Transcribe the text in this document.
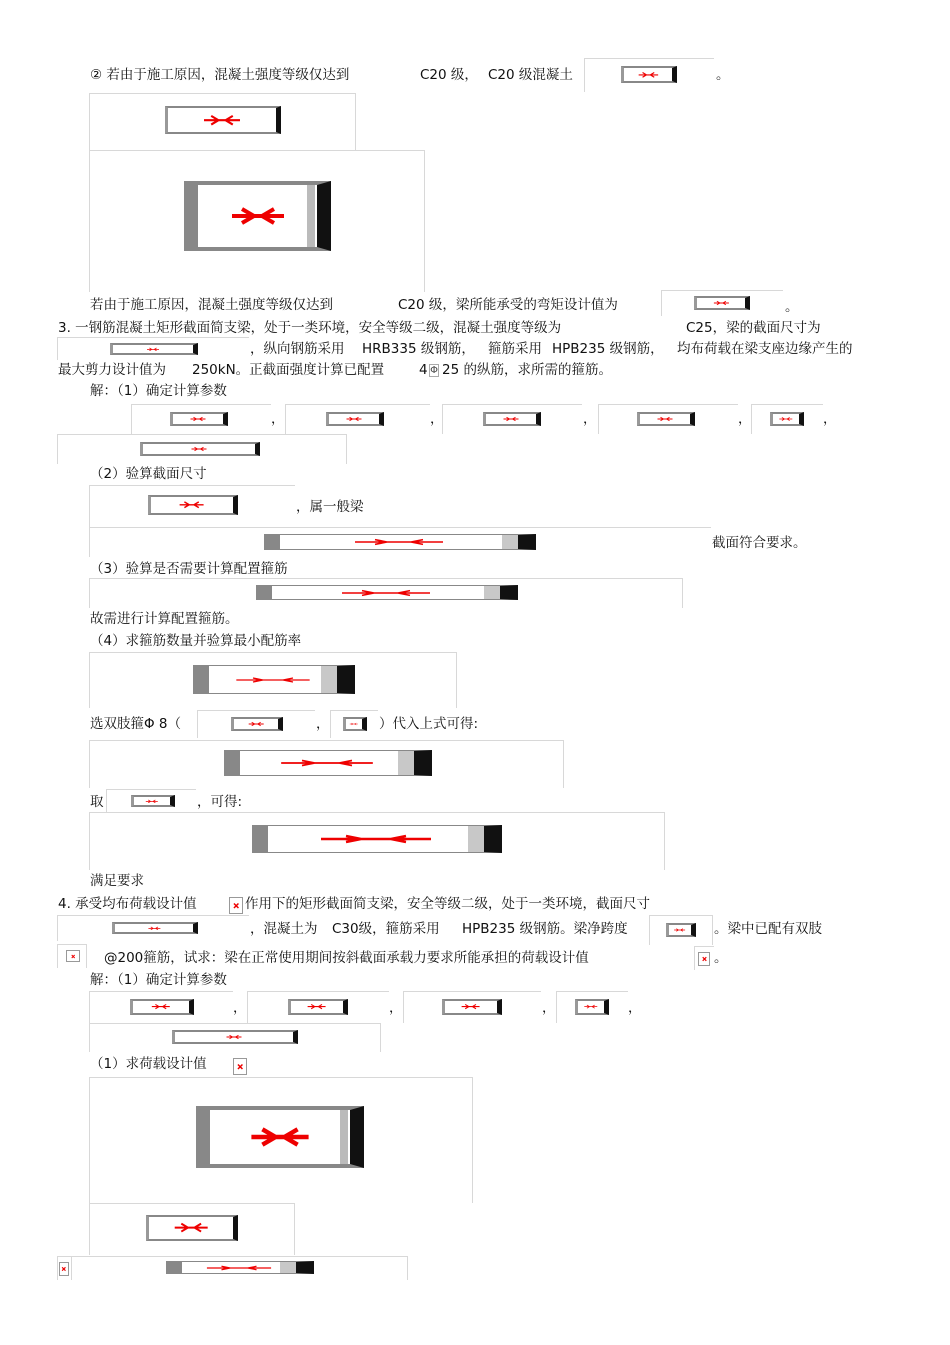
② 若由于施工原因，混凝土强度等级仅达到	C20 级， C20 级混凝土	。
若由于施工原因，混凝土强度等级仅达到	C20 级，梁所能承受的弯矩设计值为	。
3. 一钢筋混凝土矩形截面简支梁，处于一类环境，安全等级二级，混凝土强度等级为	C25，梁的截面尺寸为
，纵向钢筋采用 HRB335 级钢筋， 箍筋采用 HPB235 级钢筋， 均布荷载在梁支座边缘产生的
最大剪力设计值为 250kN。正截面强度计算已配置	4 Φ 25 的纵筋，求所需的箍筋。
解：（1）确定计算参数
，	，	，	，	，
（2）验算截面尺寸
，属一般梁
截面符合要求。
（3）验算是否需要计算配置箍筋
故需进行计算配置箍筋。
（4）求箍筋数量并验算最小配筋率
选双肢箍Φ 8（	，	）代入上式可得:
取	，可得:
满足要求
4. 承受均布荷载设计值	作用下的矩形截面简支梁，安全等级二级，处于一类环境，截面尺寸
，混凝土为 C30级，箍筋采用 HPB235 级钢筋。梁净跨度	。梁中已配有双肢
@200箍筋，试求：梁在正常使用期间按斜截面承载力要求所能承担的荷载设计值	。
解：（1）确定计算参数
，	，	，	，
（1）求荷载设计值
